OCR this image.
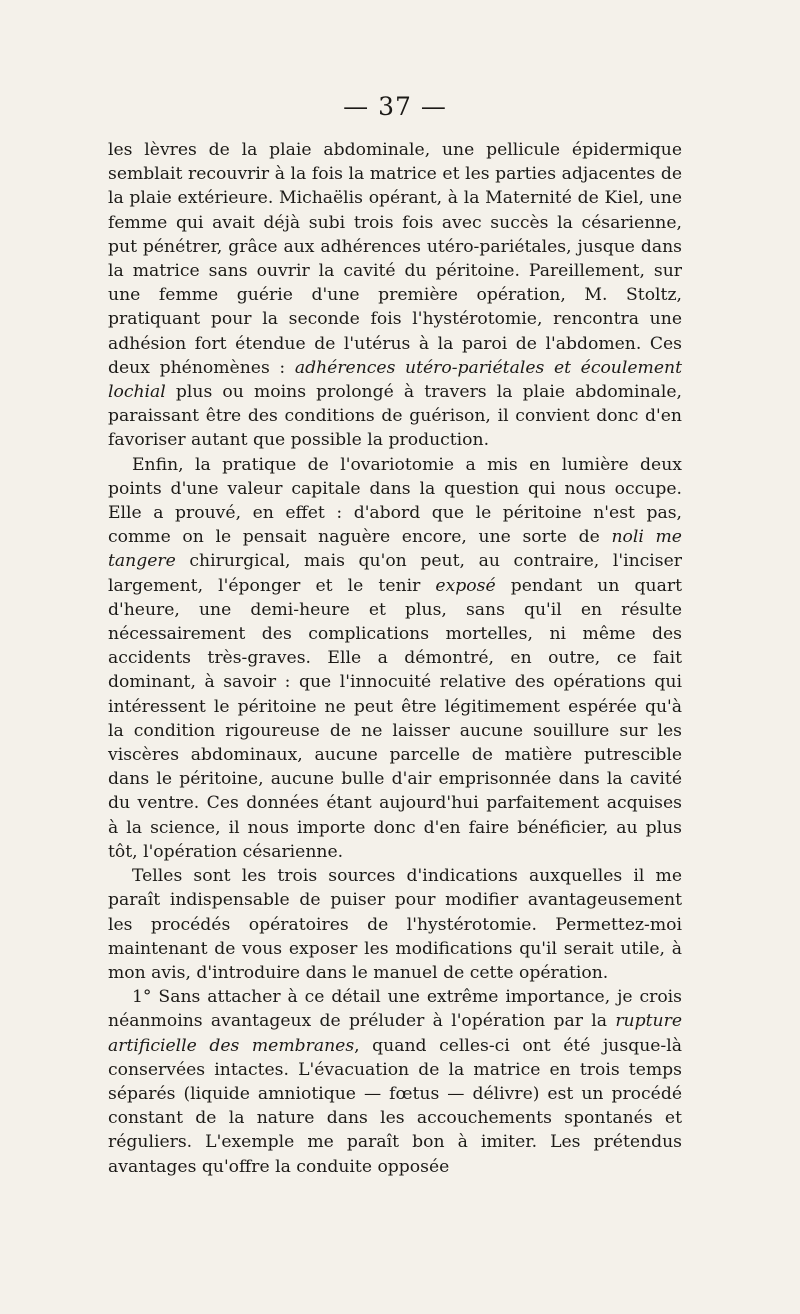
— 37 —

les lèvres de la plaie abdominale, une pellicule épidermique semblait recouvrir à la fois la matrice et les parties adjacentes de la plaie extérieure. Michaëlis opérant, à la Maternité de Kiel, une femme qui avait déjà subi trois fois avec succès la césarienne, put pénétrer, grâce aux adhérences utéro-pariétales, jusque dans la matrice sans ouvrir la cavité du péritoine. Pareillement, sur une femme guérie d'une première opération, M. Stoltz, pratiquant pour la seconde fois l'hystérotomie, rencontra une adhésion fort étendue de l'utérus à la paroi de l'abdomen. Ces deux phénomènes : adhérences utéro-pariétales et écoulement lochial plus ou moins prolongé à travers la plaie abdominale, paraissant être des conditions de guérison, il convient donc d'en favoriser autant que possible la production.

Enfin, la pratique de l'ovariotomie a mis en lumière deux points d'une valeur capitale dans la question qui nous occupe. Elle a prouvé, en effet : d'abord que le péritoine n'est pas, comme on le pensait naguère encore, une sorte de noli me tangere chirurgical, mais qu'on peut, au contraire, l'inciser largement, l'éponger et le tenir exposé pendant un quart d'heure, une demi-heure et plus, sans qu'il en résulte nécessairement des complications mortelles, ni même des accidents très-graves. Elle a démontré, en outre, ce fait dominant, à savoir : que l'innocuité relative des opérations qui intéressent le péritoine ne peut être légitimement espérée qu'à la condition rigoureuse de ne laisser aucune souillure sur les viscères abdominaux, aucune parcelle de matière putrescible dans le péritoine, aucune bulle d'air emprisonnée dans la cavité du ventre. Ces données étant aujourd'hui parfaitement acquises à la science, il nous importe donc d'en faire bénéficier, au plus tôt, l'opération césarienne.

Telles sont les trois sources d'indications auxquelles il me paraît indispensable de puiser pour modifier avantageusement les procédés opératoires de l'hystérotomie. Permettez-moi maintenant de vous exposer les modifications qu'il serait utile, à mon avis, d'introduire dans le manuel de cette opération.

1° Sans attacher à ce détail une extrême importance, je crois néanmoins avantageux de préluder à l'opération par la rupture artificielle des membranes, quand celles-ci ont été jusque-là conservées intactes. L'évacuation de la matrice en trois temps séparés (liquide amniotique — fœtus — délivre) est un procédé constant de la nature dans les accouchements spontanés et réguliers. L'exemple me paraît bon à imiter. Les prétendus avantages qu'offre la conduite opposée
